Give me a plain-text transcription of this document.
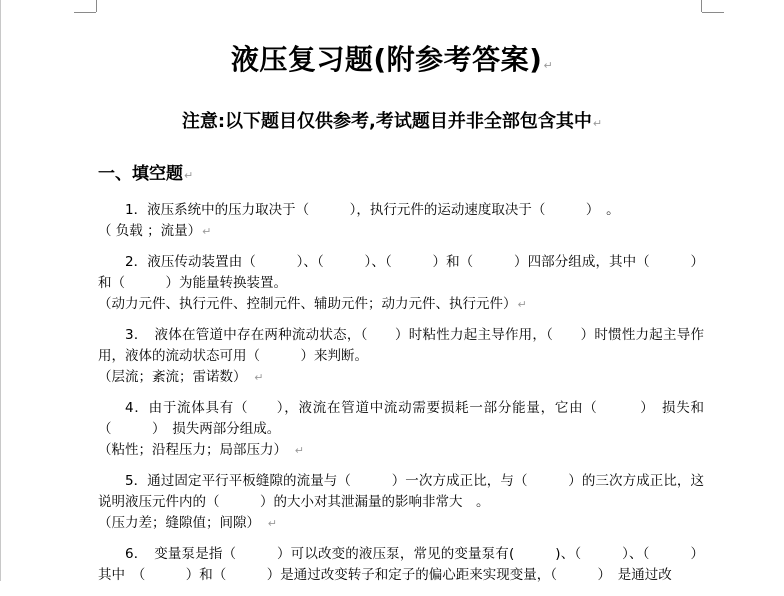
液压复习题(附参考答案)↵
注意:以下题目仅供参考,考试题目并非全部包含其中↵
一、填空题↵

1．液压系统中的压力取决于（　　　），执行元件的运动速度取决于（　　　）　。

（ 负载 ；流量）↵

2．液压传动装置由（　　　）、（　　　）、（　　　）和（　　　）四部分组成，其中（　　　）和（　　　）为能量转换装置。

（动力元件、执行元件、控制元件、辅助元件；动力元件、执行元件）↵

3．　液体在管道中存在两种流动状态，（　　）时粘性力起主导作用，（　　）时惯性力起主导作用，液体的流动状态可用（　　　）来判断。

（层流；紊流；雷诺数）　↵

4．由于流体具有（　　），液流在管道中流动需要损耗一部分能量，它由（　　　）　损失和（　　　）　损失两部分组成。

（粘性；沿程压力；局部压力）　↵

5．通过固定平行平板缝隙的流量与（　　　）一次方成正比，与（　　　）的三次方成正比，这说明液压元件内的（　　　）的大小对其泄漏量的影响非常大　。

（压力差；缝隙值；间隙）　↵

6．　变量泵是指（　　　）可以改变的液压泵，常见的变量泵有(　　　)、（　　　）、（　　　）其中　（　　　）和（　　　）是通过改变转子和定子的偏心距来实现变量，（　　　）　是通过改
